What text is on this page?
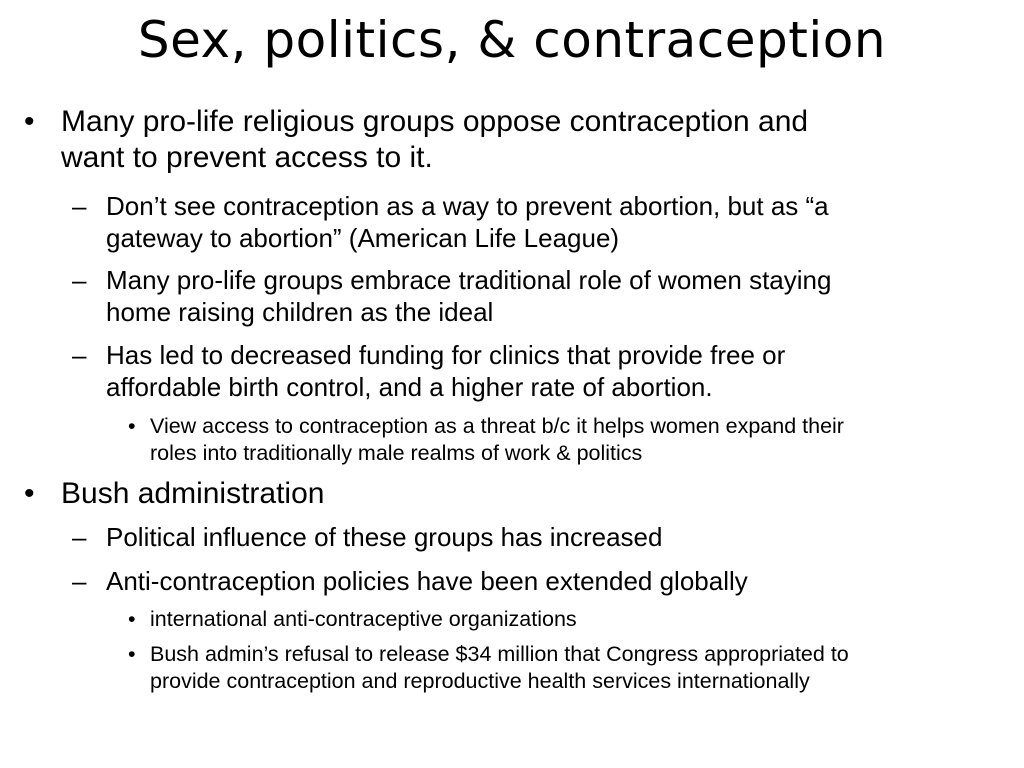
Sex, politics, & contraception
• Many pro-life religious groups oppose contraception and
want to prevent access to it.
– Don’t see contraception as a way to prevent abortion, but as “a
gateway to abortion” (American Life League)
– Many pro-life groups embrace traditional role of women staying
home raising children as the ideal
– Has led to decreased funding for clinics that provide free or
affordable birth control, and a higher rate of abortion.
• View access to contraception as a threat b/c it helps women expand their
roles into traditionally male realms of work & politics
• Bush administration
– Political influence of these groups has increased
– Anti-contraception policies have been extended globally
• international anti-contraceptive organizations
• Bush admin’s refusal to release $34 million that Congress appropriated to
provide contraception and reproductive health services internationally
